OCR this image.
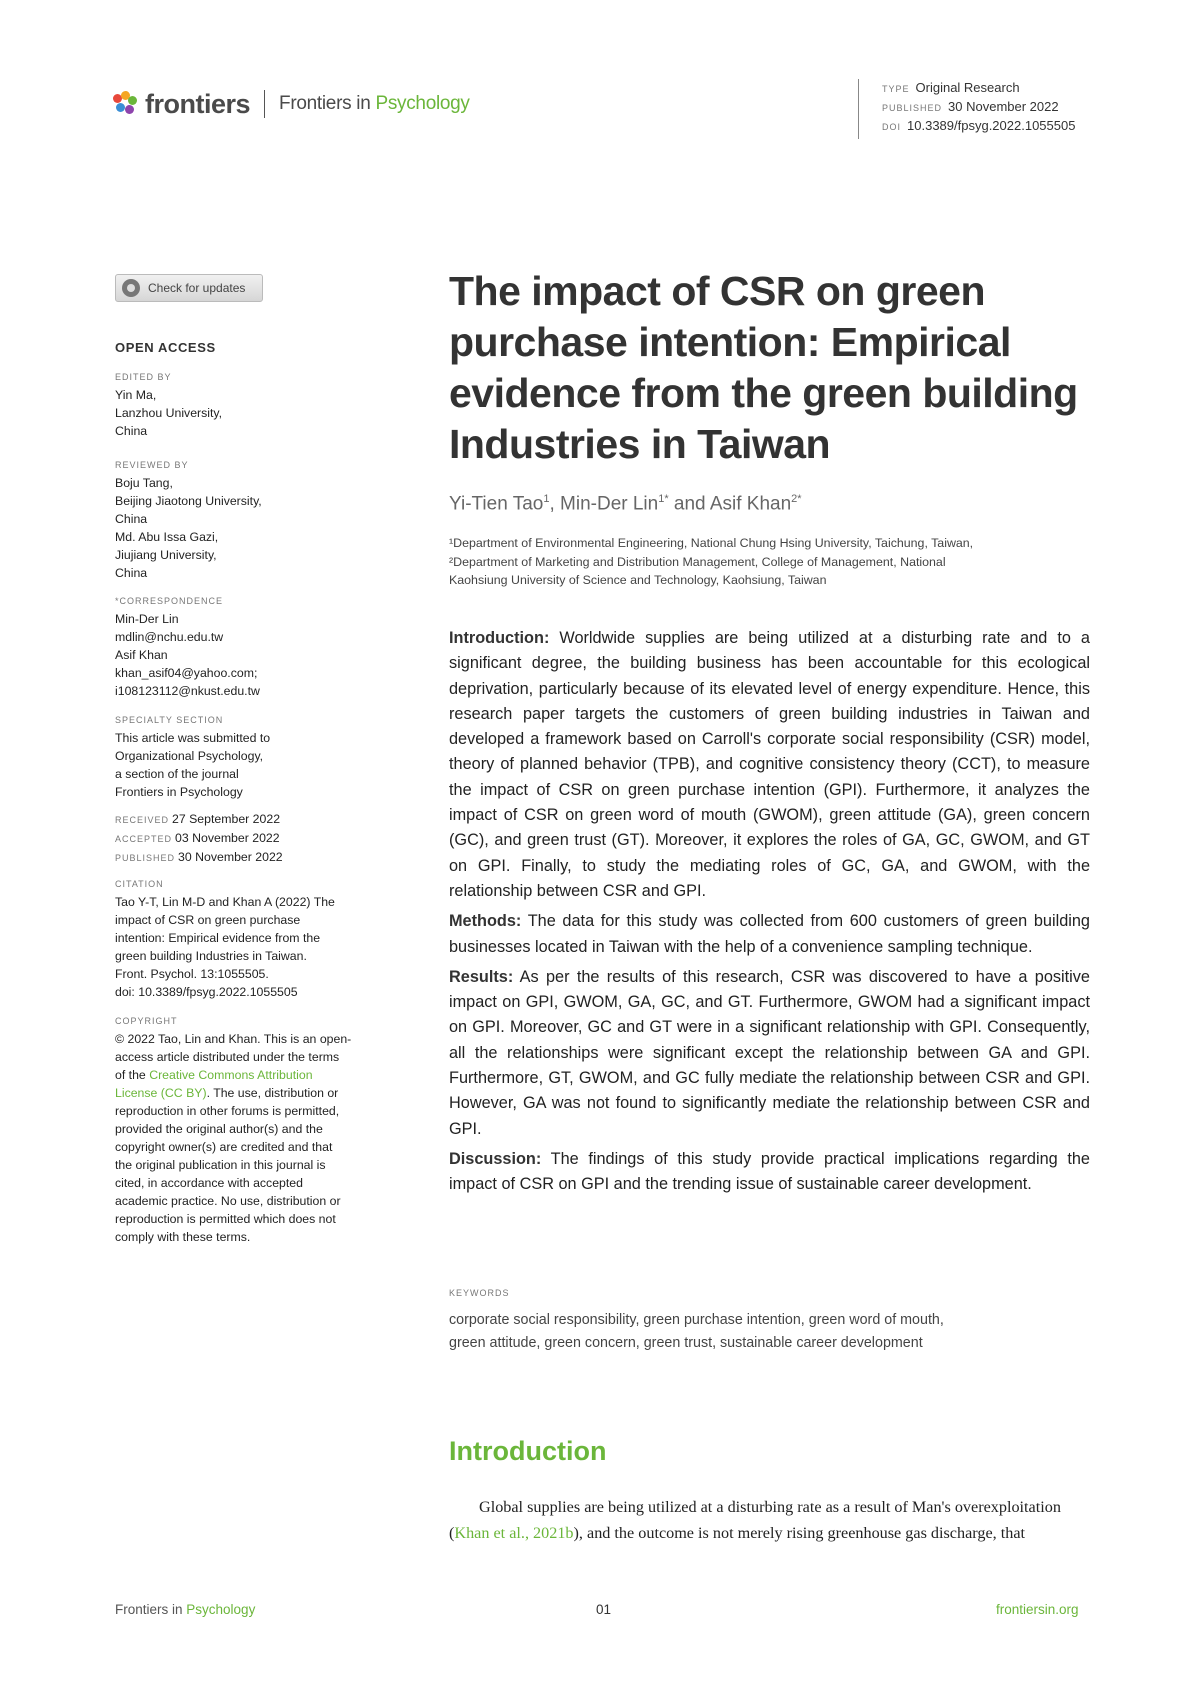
frontiers Frontiers in Psychology
TYPE Original Research
PUBLISHED 30 November 2022
DOI 10.3389/fpsyg.2022.1055505
Check for updates
OPEN ACCESS
EDITED BY
Yin Ma,
Lanzhou University,
China
REVIEWED BY
Boju Tang,
Beijing Jiaotong University,
China
Md. Abu Issa Gazi,
Jiujiang University,
China
*CORRESPONDENCE
Min-Der Lin
mdlin@nchu.edu.tw
Asif Khan
khan_asif04@yahoo.com;
i108123112@nkust.edu.tw
SPECIALTY SECTION
This article was submitted to
Organizational Psychology,
a section of the journal
Frontiers in Psychology
RECEIVED 27 September 2022
ACCEPTED 03 November 2022
PUBLISHED 30 November 2022
CITATION
Tao Y-T, Lin M-D and Khan A (2022) The
impact of CSR on green purchase
intention: Empirical evidence from the
green building Industries in Taiwan.
Front. Psychol. 13:1055505.
doi: 10.3389/fpsyg.2022.1055505
COPYRIGHT
© 2022 Tao, Lin and Khan. This is an open-
access article distributed under the terms
of the Creative Commons Attribution
License (CC BY). The use, distribution or
reproduction in other forums is permitted,
provided the original author(s) and the
copyright owner(s) are credited and that
the original publication in this journal is
cited, in accordance with accepted
academic practice. No use, distribution or
reproduction is permitted which does not
comply with these terms.
The impact of CSR on green purchase intention: Empirical evidence from the green building Industries in Taiwan
Yi-Tien Tao$^1$, Min-Der Lin$^{1*}$ and Asif Khan$^{2*}$
¹Department of Environmental Engineering, National Chung Hsing University, Taichung, Taiwan,
²Department of Marketing and Distribution Management, College of Management, National
Kaohsiung University of Science and Technology, Kaohsiung, Taiwan

Introduction: Worldwide supplies are being utilized at a disturbing rate and to a significant degree, the building business has been accountable for this ecological deprivation, particularly because of its elevated level of energy expenditure. Hence, this research paper targets the customers of green building industries in Taiwan and developed a framework based on Carroll's corporate social responsibility (CSR) model, theory of planned behavior (TPB), and cognitive consistency theory (CCT), to measure the impact of CSR on green purchase intention (GPI). Furthermore, it analyzes the impact of CSR on green word of mouth (GWOM), green attitude (GA), green concern (GC), and green trust (GT). Moreover, it explores the roles of GA, GC, GWOM, and GT on GPI. Finally, to study the mediating roles of GC, GA, and GWOM, with the relationship between CSR and GPI.

Methods: The data for this study was collected from 600 customers of green building businesses located in Taiwan with the help of a convenience sampling technique.

Results: As per the results of this research, CSR was discovered to have a positive impact on GPI, GWOM, GA, GC, and GT. Furthermore, GWOM had a significant impact on GPI. Moreover, GC and GT were in a significant relationship with GPI. Consequently, all the relationships were significant except the relationship between GA and GPI. Furthermore, GT, GWOM, and GC fully mediate the relationship between CSR and GPI. However, GA was not found to significantly mediate the relationship between CSR and GPI.

Discussion: The findings of this study provide practical implications regarding the impact of CSR on GPI and the trending issue of sustainable career development.

KEYWORDS
corporate social responsibility, green purchase intention, green word of mouth,
green attitude, green concern, green trust, sustainable career development
Introduction
Global supplies are being utilized at a disturbing rate as a result of Man's overexploitation
(Khan et al., 2021b), and the outcome is not merely rising greenhouse gas discharge, that
Frontiers in Psychology	01	frontiersin.org
